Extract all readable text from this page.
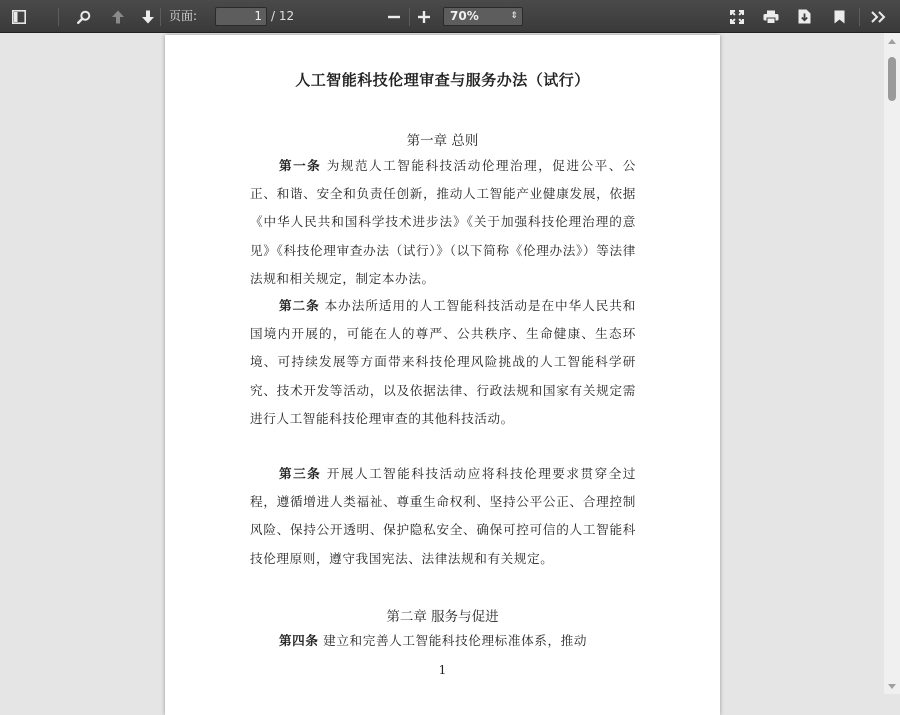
页面:	1 / 12	70%	⇕
人工智能科技伦理审查与服务办法（试行）
第一章 总则

第一条 为规范人工智能科技活动伦理治理，促进公平、公正、和谐、安全和负责任创新，推动人工智能产业健康发展，依据《中华人民共和国科学技术进步法》《关于加强科技伦理治理的意见》《科技伦理审查办法（试行）》（以下简称《伦理办法》）等法律法规和相关规定，制定本办法。

第二条 本办法所适用的人工智能科技活动是在中华人民共和国境内开展的，可能在人的尊严、公共秩序、生命健康、生态环境、可持续发展等方面带来科技伦理风险挑战的人工智能科学研究、技术开发等活动，以及依据法律、行政法规和国家有关规定需进行人工智能科技伦理审查的其他科技活动。

第三条 开展人工智能科技活动应将科技伦理要求贯穿全过程，遵循增进人类福祉、尊重生命权利、坚持公平公正、合理控制风险、保持公开透明、保护隐私安全、确保可控可信的人工智能科技伦理原则，遵守我国宪法、法律法规和有关规定。

第二章 服务与促进

第四条 建立和完善人工智能科技伦理标准体系，推动

1
